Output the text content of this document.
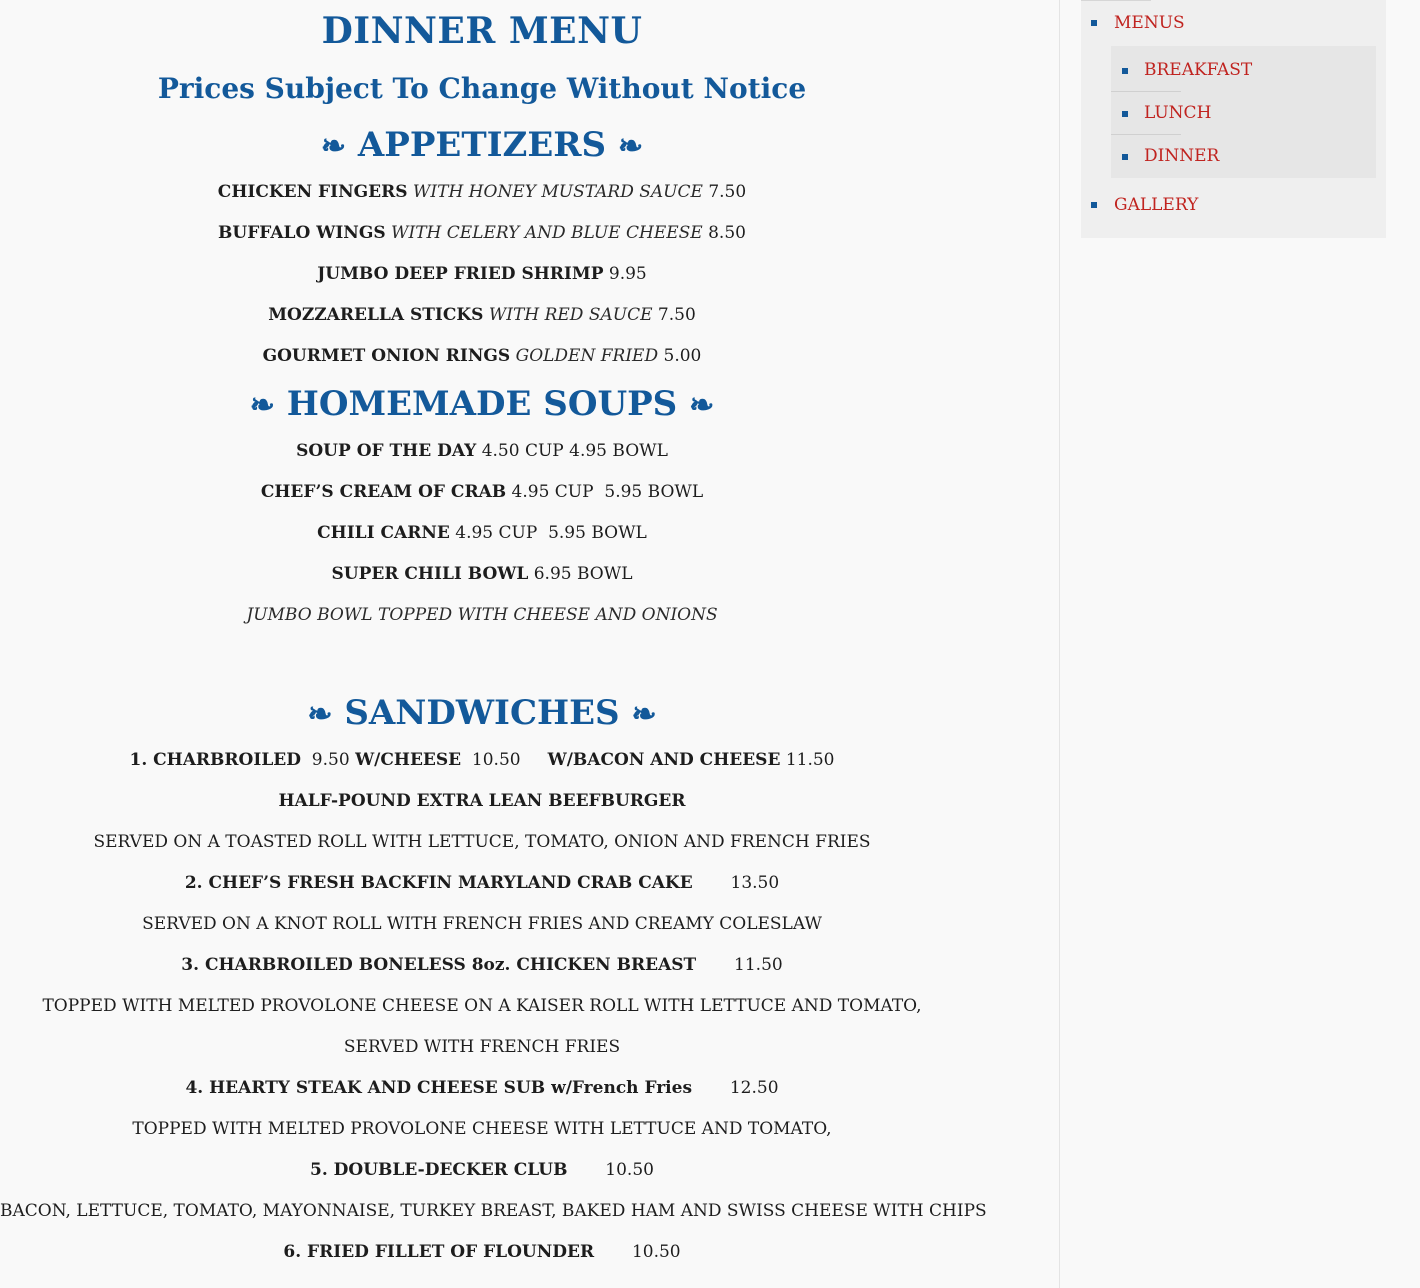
DINNER MENU
Prices Subject To Change Without Notice
❧ APPETIZERS ❧

CHICKEN FINGERS WITH HONEY MUSTARD SAUCE 7.50

BUFFALO WINGS WITH CELERY AND BLUE CHEESE 8.50

JUMBO DEEP FRIED SHRIMP 9.95

MOZZARELLA STICKS WITH RED SAUCE 7.50

GOURMET ONION RINGS GOLDEN FRIED 5.00

❧ HOMEMADE SOUPS ❧

SOUP OF THE DAY 4.50 CUP 4.95 BOWL

CHEF’S CREAM OF CRAB 4.95 CUP  5.95 BOWL

CHILI CARNE 4.95 CUP  5.95 BOWL

SUPER CHILI BOWL 6.95 BOWL

JUMBO BOWL TOPPED WITH CHEESE AND ONIONS

❧ SANDWICHES ❧

1. CHARBROILED 9.50 W/CHEESE 10.50 W/BACON AND CHEESE 11.50

HALF-POUND EXTRA LEAN BEEFBURGER

SERVED ON A TOASTED ROLL WITH LETTUCE, TOMATO, ONION AND FRENCH FRIES

2. CHEF’S FRESH BACKFIN MARYLAND CRAB CAKE 13.50

SERVED ON A KNOT ROLL WITH FRENCH FRIES AND CREAMY COLESLAW

3. CHARBROILED BONELESS 8oz. CHICKEN BREAST 11.50

TOPPED WITH MELTED PROVOLONE CHEESE ON A KAISER ROLL WITH LETTUCE AND TOMATO,

SERVED WITH FRENCH FRIES

4. HEARTY STEAK AND CHEESE SUB w/French Fries 12.50

TOPPED WITH MELTED PROVOLONE CHEESE WITH LETTUCE AND TOMATO,

5. DOUBLE-DECKER CLUB 10.50

BACON, LETTUCE, TOMATO, MAYONNAISE, TURKEY BREAST, BAKED HAM AND SWISS CHEESE WITH CHIPS

6. FRIED FILLET OF FLOUNDER 10.50

MENUS
BREAKFAST
LUNCH
DINNER
GALLERY
